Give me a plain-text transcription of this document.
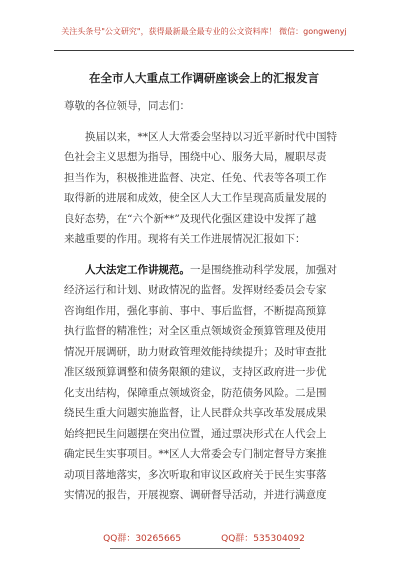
关注头条号"公文研究"，获得最新最全最专业的公文资料库！ 微信：gongwenyj
在全市人大重点工作调研座谈会上的汇报发言
尊敬的各位领导，同志们：
换届以来，**区人大常委会坚持以习近平新时代中国特
色社会主义思想为指导，围绕中心、服务大局，履职尽责
担当作为，积极推进监督、决定、任免、代表等各项工作
取得新的进展和成效，使全区人大工作呈现高质量发展的
良好态势，在“六个新**”及现代化强区建设中发挥了越
来越重要的作用。现将有关工作进展情况汇报如下：
人大法定工作讲规范。一是围绕推动科学发展，加强对
经济运行和计划、财政情况的监督。发挥财经委员会专家
咨询组作用，强化事前、事中、事后监督，不断提高预算
执行监督的精准性；对全区重点领域资金预算管理及使用
情况开展调研，助力财政管理效能持续提升；及时审查批
准区级预算调整和债务限额的建议，支持区政府进一步优
化支出结构，保障重点领域资金，防范债务风险。二是围
绕民生重大问题实施监督，让人民群众共享改革发展成果
始终把民生问题摆在突出位置，通过票决形式在人代会上
确定民生实事项目。**区人大常委会专门制定督导方案推
动项目落地落实，多次听取和审议区政府关于民生实事落
实情况的报告，开展视察、调研督导活动，并进行满意度
QQ群：30265665	QQ群：535304092
